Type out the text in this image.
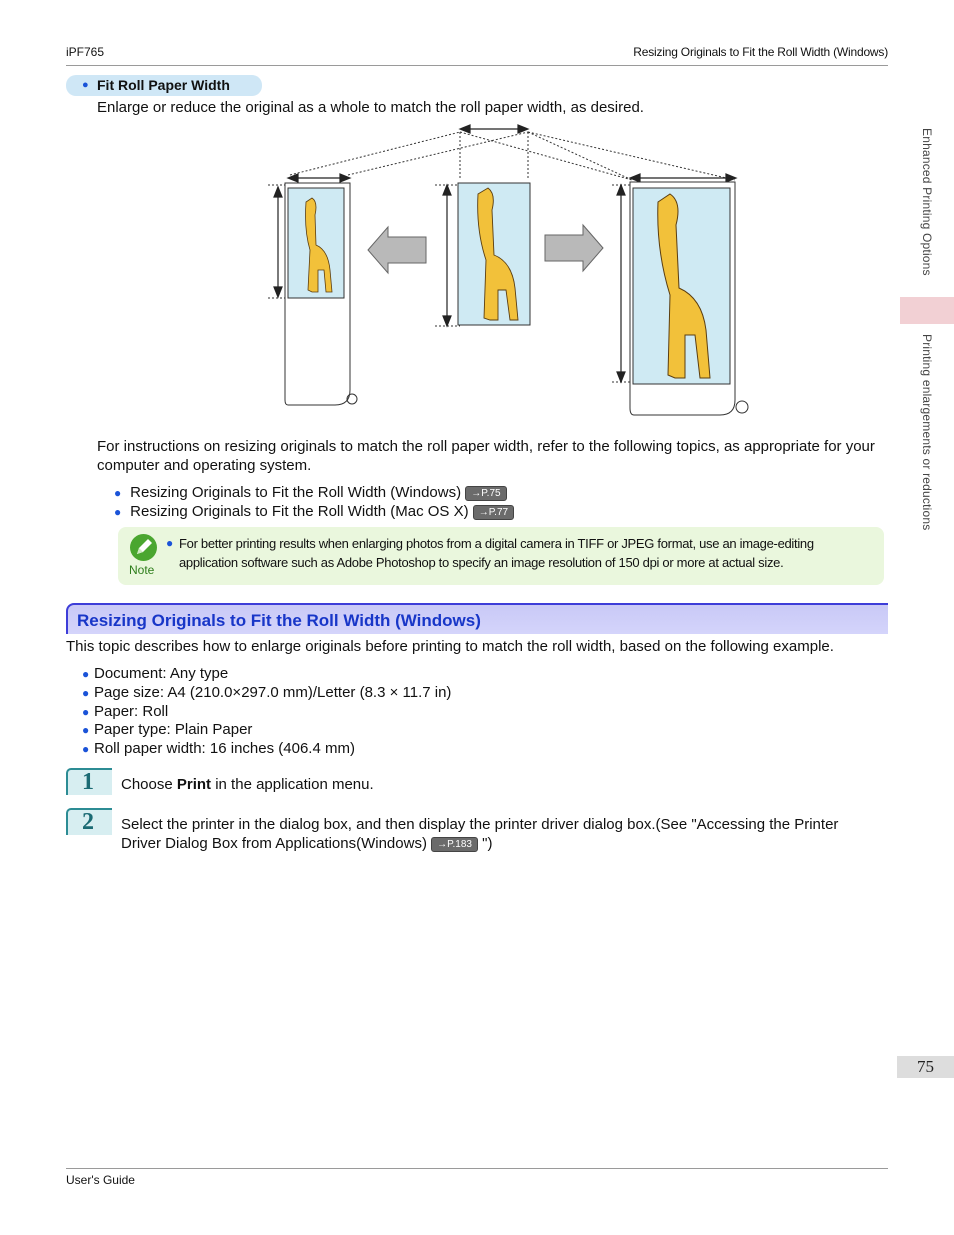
iPF765	Resizing Originals to Fit the Roll Width (Windows)
Enhanced Printing Options
Printing enlargements or reductions
● Fit Roll Paper Width
Enlarge or reduce the original as a whole to match the roll paper width, as desired.
For instructions on resizing originals to match the roll paper width, refer to the following topics, as appropriate for your computer and operating system.
● Resizing Originals to Fit the Roll Width (Windows) →P.75
● Resizing Originals to Fit the Roll Width (Mac OS X) →P.77
Note
● For better printing results when enlarging photos from a digital camera in TIFF or JPEG format, use an image-editing application software such as Adobe Photoshop to specify an image resolution of 150 dpi or more at actual size.
Resizing Originals to Fit the Roll Width (Windows)
This topic describes how to enlarge originals before printing to match the roll width, based on the following example.
● Document: Any type
● Page size: A4 (210.0×297.0 mm)/Letter (8.3 × 11.7 in)
● Paper: Roll
● Paper type: Plain Paper
● Roll paper width: 16 inches (406.4 mm)
1	Choose Print in the application menu.
2	Select the printer in the dialog box, and then display the printer driver dialog box.(See "Accessing the Printer Driver Dialog Box from Applications(Windows) →P.183 ")
75
User's Guide
